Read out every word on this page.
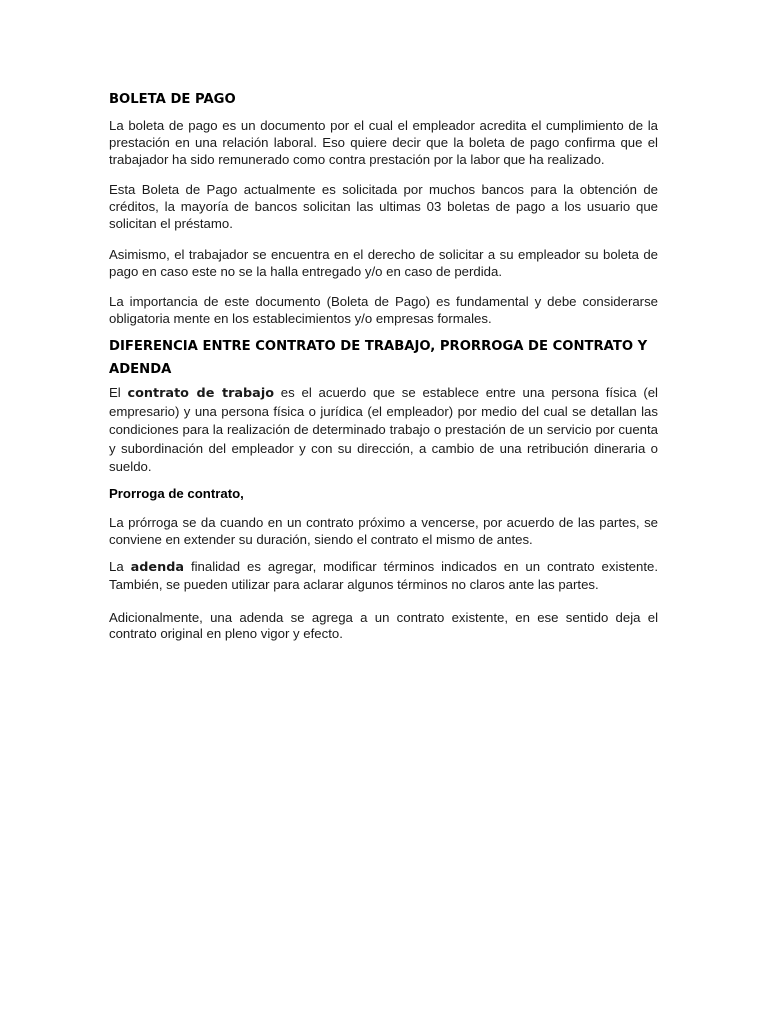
BOLETA DE PAGO

La boleta de pago es un documento por el cual el empleador acredita el cumplimiento de la prestación en una relación laboral. Eso quiere decir que la boleta de pago confirma que el trabajador ha sido remunerado como contra prestación por la labor que ha realizado.

Esta Boleta de Pago actualmente es solicitada por muchos bancos para la obtención de créditos, la mayoría de bancos solicitan las ultimas 03 boletas de pago a los usuario que solicitan el préstamo.

Asimismo, el trabajador se encuentra en el derecho de solicitar a su empleador su boleta de pago en caso este no se la halla entregado y/o en caso de perdida.

La importancia de este documento (Boleta de Pago) es fundamental y debe considerarse obligatoria mente en los establecimientos y/o empresas formales.

DIFERENCIA ENTRE CONTRATO DE TRABAJO, PRORROGA DE CONTRATO Y ADENDA

El contrato de trabajo es el acuerdo que se establece entre una persona física (el empresario) y una persona física o jurídica (el empleador) por medio del cual se detallan las condiciones para la realización de determinado trabajo o prestación de un servicio por cuenta y subordinación del empleador y con su dirección, a cambio de una retribución dineraria o sueldo.

Prorroga de contrato,

La prórroga se da cuando en un contrato próximo a vencerse, por acuerdo de las partes, se conviene en extender su duración, siendo el contrato el mismo de antes.

La adenda finalidad es agregar, modificar términos indicados en un contrato existente. También, se pueden utilizar para aclarar algunos términos no claros ante las partes.

Adicionalmente, una adenda se agrega a un contrato existente, en ese sentido deja el contrato original en pleno vigor y efecto.
